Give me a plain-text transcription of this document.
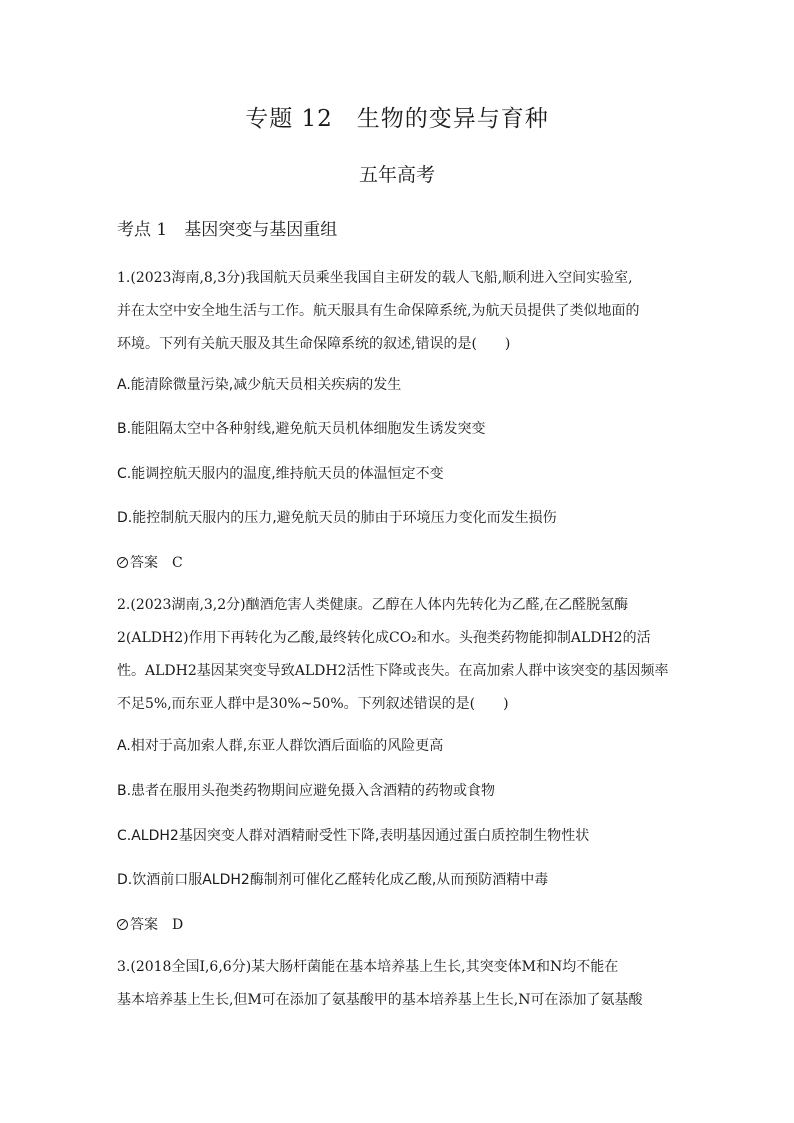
专题 12　生物的变异与育种
五年高考
考点 1　基因突变与基因重组
1.(2023海南,8,3分)我国航天员乘坐我国自主研发的载人飞船,顺利进入空间实验室,
并在太空中安全地生活与工作。航天服具有生命保障系统,为航天员提供了类似地面的
环境。下列有关航天服及其生命保障系统的叙述,错误的是(　　)
A.能清除微量污染,减少航天员相关疾病的发生
B.能阻隔太空中各种射线,避免航天员机体细胞发生诱发突变
C.能调控航天服内的温度,维持航天员的体温恒定不变
D.能控制航天服内的压力,避免航天员的肺由于环境压力变化而发生损伤
答案　 C
2.(2023湖南,3,2分)酗酒危害人类健康。乙醇在人体内先转化为乙醛,在乙醛脱氢酶
2(ALDH2)作用下再转化为乙酸,最终转化成CO₂和水。头孢类药物能抑制ALDH2的活
性。ALDH2基因某突变导致ALDH2活性下降或丧失。在高加索人群中该突变的基因频率
不足5%,而东亚人群中是30%~50%。下列叙述错误的是(　　)
A.相对于高加索人群,东亚人群饮酒后面临的风险更高
B.患者在服用头孢类药物期间应避免摄入含酒精的药物或食物
C.ALDH2基因突变人群对酒精耐受性下降,表明基因通过蛋白质控制生物性状
D.饮酒前口服ALDH2酶制剂可催化乙醛转化成乙酸,从而预防酒精中毒
答案　 D
3.(2018全国Ⅰ,6,6分)某大肠杆菌能在基本培养基上生长,其突变体M和N均不能在
基本培养基上生长,但M可在添加了氨基酸甲的基本培养基上生长,N可在添加了氨基酸
